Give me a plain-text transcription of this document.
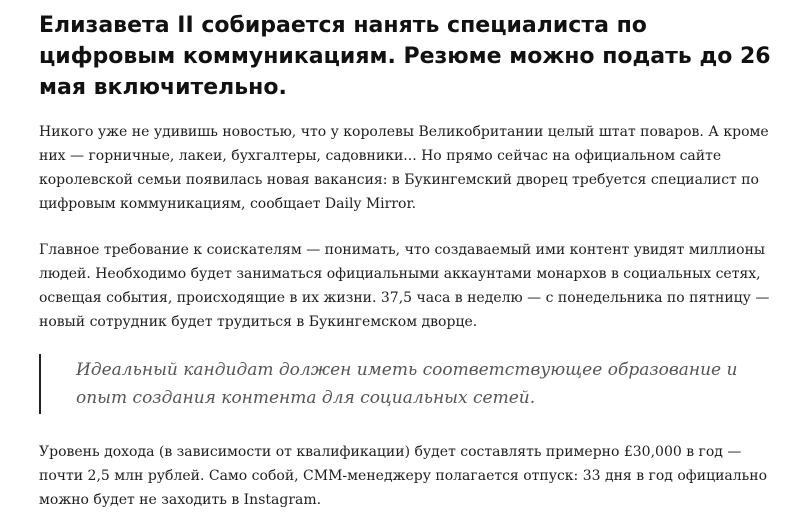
Елизавета II собирается нанять специалиста по цифровым коммуникациям. Резюме можно подать до 26 мая включительно.

Никого уже не удивишь новостью, что у королевы Великобритании целый штат поваров. А кроме них — горничные, лакеи, бухгалтеры, садовники... Но прямо сейчас на официальном сайте королевской семьи появилась новая вакансия: в Букингемский дворец требуется специалист по цифровым коммуникациям, сообщает Daily Mirror.

Главное требование к соискателям — понимать, что создаваемый ими контент увидят миллионы людей. Необходимо будет заниматься официальными аккаунтами монархов в социальных сетях, освещая события, происходящие в их жизни. 37,5 часа в неделю — с понедельника по пятницу — новый сотрудник будет трудиться в Букингемском дворце.

Идеальный кандидат должен иметь соответствующее образование и опыт создания контента для социальных сетей.

Уровень дохода (в зависимости от квалификации) будет составлять примерно £30,000 в год — почти 2,5 млн рублей. Само собой, СММ-менеджеру полагается отпуск: 33 дня в год официально можно будет не заходить в Instagram.
